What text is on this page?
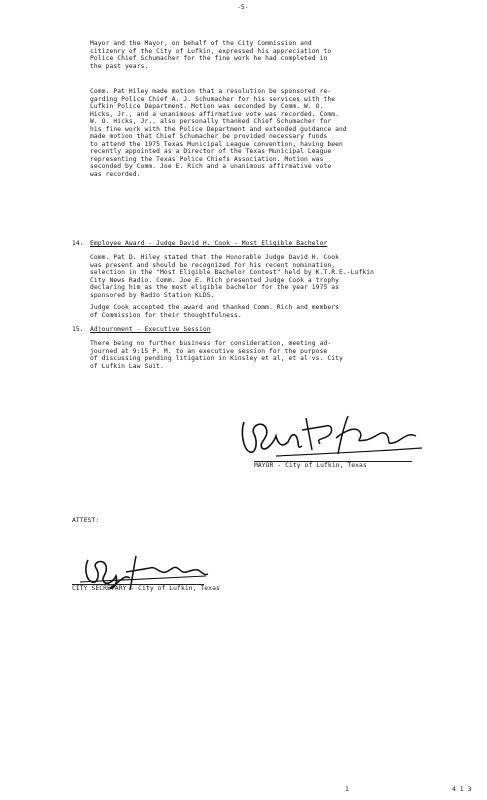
-5-
Mayor and the Mayor, on behalf of the City Commission and
citizenry of the City of Lufkin, expressed his appreciation to
Police Chief Schumacher for the fine work he had completed in
the past years.
Comm. Pat Hiley made motion that a resolution be sponsored re-
garding Police Chief A. J. Schumacher for his services with the
Lufkin Police Department. Motion was seconded by Comm. W. O.
Hicks, Jr., and a unanimous affirmative vote was recorded. Comm.
W. O. Hicks, Jr., also personally thanked Chief Schumacher for
his fine work with the Police Department and extended guidance and
made motion that Chief Schumacher be provided necessary funds
to attend the 1975 Texas Municipal League convention, having been
recently appointed as a Director of the Texas Municipal League
representing the Texas Police Chiefs Association. Motion was
seconded by Comm. Joe E. Rich and a unanimous affirmative vote
was recorded.
14. Employee Award - Judge David H. Cook - Most Eligible Bachelor
Comm. Pat D. Hiley stated that the Honorable Judge David H. Cook
was present and should be recognized for his recent nomination,
selection in the "Most Eligible Bachelor Contest" held by K.T.R.E.-Lufkin
City News Radio. Comm. Joe E. Rich presented Judge Cook a trophy
declaring him as the most eligible bachelor for the year 1975 as
sponsored by Radio Station KLDS.
Judge Cook accepted the award and thanked Comm. Rich and members
of Commission for their thoughtfulness.
15. Adjournment - Executive Session
There being no further business for consideration, meeting ad-
journed at 9:15 P. M. to an executive session for the purpose
of discussing pending litigation in Kinsley et al, et al vs. City
of Lufkin Law Suit.
MAYOR - City of Lufkin, Texas
ATTEST:
CITY SECRETARY - City of Lufkin, Texas
1	4 1 3
